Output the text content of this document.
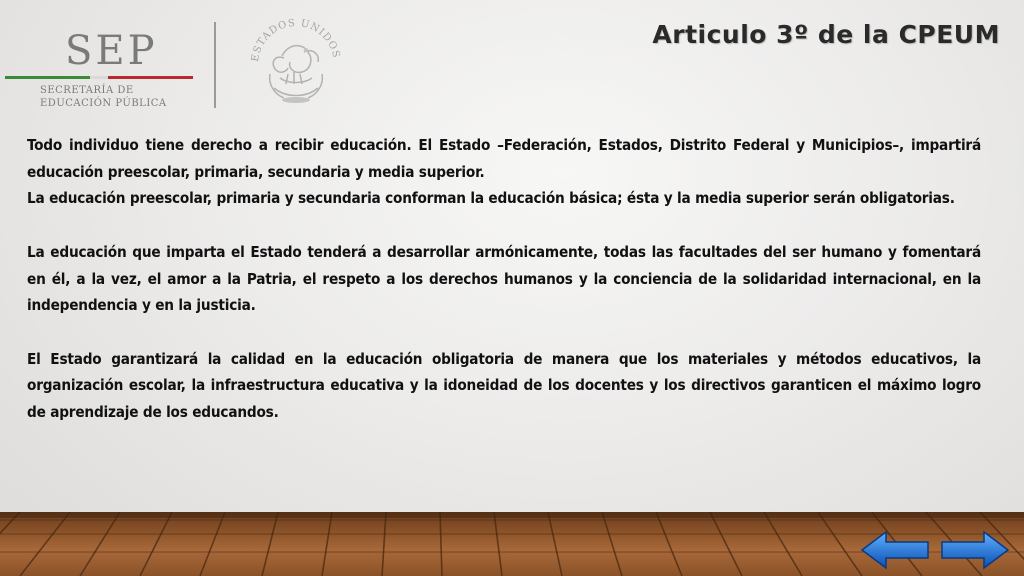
SEP
SECRETARÍA DE EDUCACIÓN PÚBLICA
ESTADOS UNIDOS
Articulo 3º de la CPEUM

Todo individuo tiene derecho a recibir educación. El Estado –Federación, Estados, Distrito Federal y Municipios–, impartirá educación preescolar, primaria, secundaria y media superior.

La educación preescolar, primaria y secundaria conforman la educación básica; ésta y la media superior serán obligatorias.

La educación que imparta el Estado tenderá a desarrollar armónicamente, todas las facultades del ser humano y fomentará en él, a la vez, el amor a la Patria, el respeto a los derechos humanos y la conciencia de la solidaridad internacional, en la independencia y en la justicia.

El Estado garantizará la calidad en la educación obligatoria de manera que los materiales y métodos educativos, la organización escolar, la infraestructura educativa y la idoneidad de los docentes y los directivos garanticen el máximo logro de aprendizaje de los educandos.
